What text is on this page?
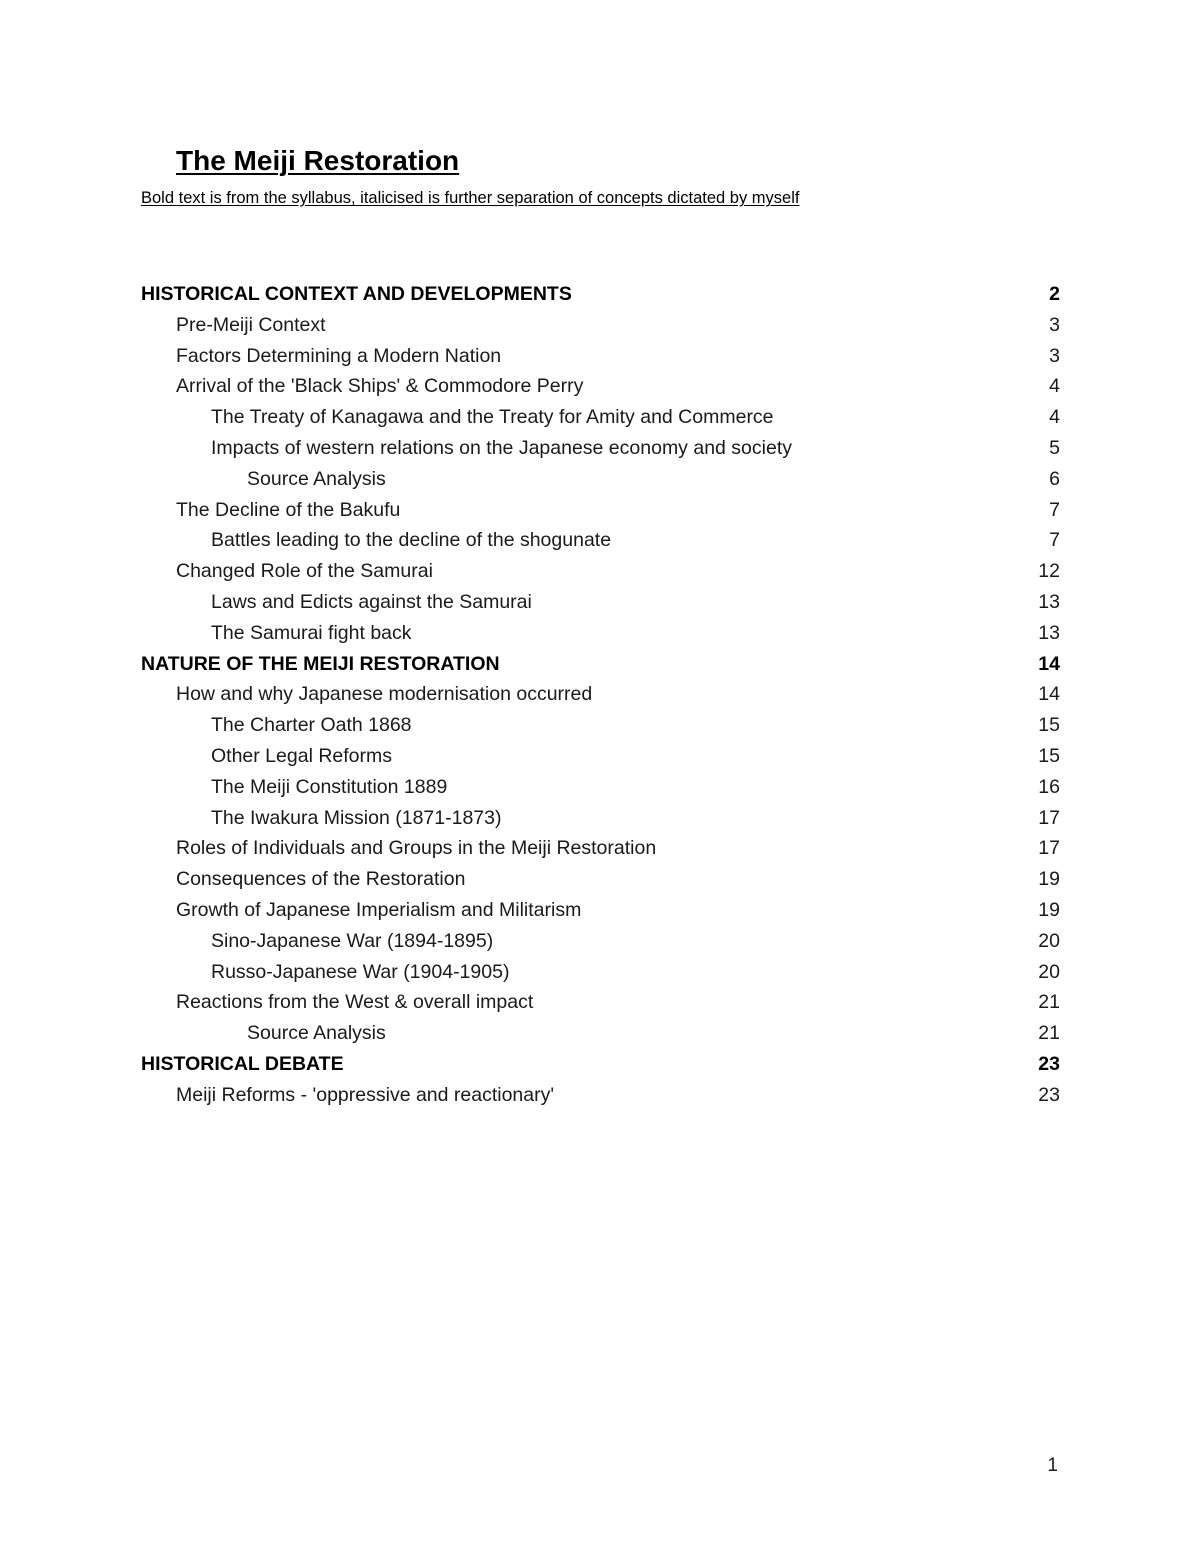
The Meiji Restoration
Bold text is from the syllabus, italicised is further separation of concepts dictated by myself
HISTORICAL CONTEXT AND DEVELOPMENTS	2
Pre-Meiji Context	3
Factors Determining a Modern Nation	3
Arrival of the 'Black Ships' & Commodore Perry	4
The Treaty of Kanagawa and the Treaty for Amity and Commerce	4
Impacts of western relations on the Japanese economy and society	5
Source Analysis	6
The Decline of the Bakufu	7
Battles leading to the decline of the shogunate	7
Changed Role of the Samurai	12
Laws and Edicts against the Samurai	13
The Samurai fight back	13
NATURE OF THE MEIJI RESTORATION	14
How and why Japanese modernisation occurred	14
The Charter Oath 1868	15
Other Legal Reforms	15
The Meiji Constitution 1889	16
The Iwakura Mission (1871-1873)	17
Roles of Individuals and Groups in the Meiji Restoration	17
Consequences of the Restoration	19
Growth of Japanese Imperialism and Militarism	19
Sino-Japanese War (1894-1895)	20
Russo-Japanese War (1904-1905)	20
Reactions from the West & overall impact	21
Source Analysis	21
HISTORICAL DEBATE	23
Meiji Reforms - 'oppressive and reactionary'	23
1
